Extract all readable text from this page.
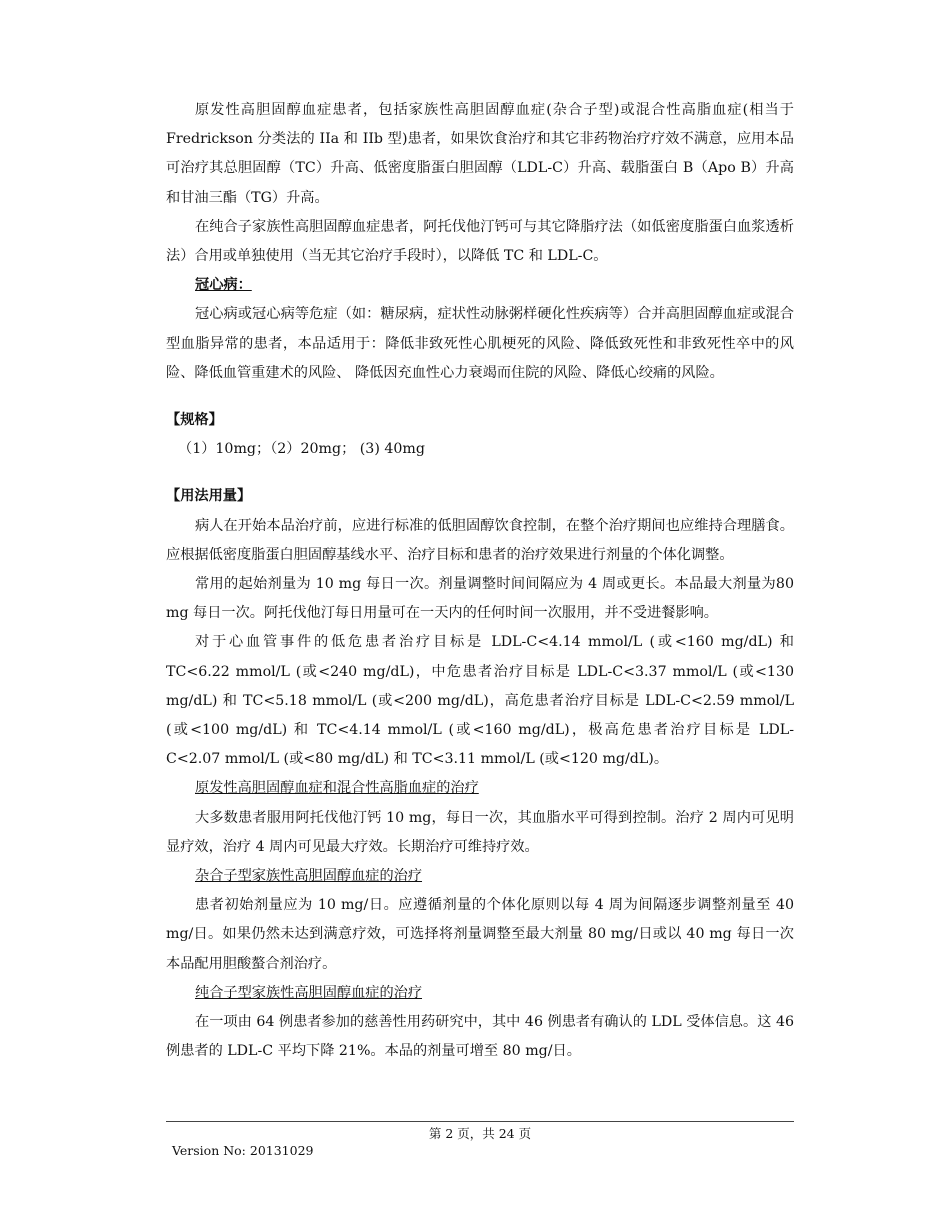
原发性高胆固醇血症患者，包括家族性高胆固醇血症(杂合子型)或混合性高脂血症(相当于Fredrickson 分类法的 IIa 和 IIb 型)患者，如果饮食治疗和其它非药物治疗疗效不满意，应用本品可治疗其总胆固醇（TC）升高、低密度脂蛋白胆固醇（LDL-C）升高、载脂蛋白 B（Apo B）升高和甘油三酯（TG）升高。

在纯合子家族性高胆固醇血症患者，阿托伐他汀钙可与其它降脂疗法（如低密度脂蛋白血浆透析法）合用或单独使用（当无其它治疗手段时），以降低 TC 和 LDL-C。

冠心病：

冠心病或冠心病等危症（如：糖尿病，症状性动脉粥样硬化性疾病等）合并高胆固醇血症或混合型血脂异常的患者，本品适用于：降低非致死性心肌梗死的风险、降低致死性和非致死性卒中的风险、降低血管重建术的风险、 降低因充血性心力衰竭而住院的风险、降低心绞痛的风险。

【规格】

（1）10mg；（2）20mg； (3) 40mg

【用法用量】

病人在开始本品治疗前，应进行标准的低胆固醇饮食控制，在整个治疗期间也应维持合理膳食。应根据低密度脂蛋白胆固醇基线水平、治疗目标和患者的治疗效果进行剂量的个体化调整。

常用的起始剂量为 10 mg 每日一次。剂量调整时间间隔应为 4 周或更长。本品最大剂量为80 mg 每日一次。阿托伐他汀每日用量可在一天内的任何时间一次服用，并不受进餐影响。

对于心血管事件的低危患者治疗目标是 LDL-C<4.14 mmol/L (或<160 mg/dL) 和 TC<6.22 mmol/L (或<240 mg/dL)，中危患者治疗目标是 LDL-C<3.37 mmol/L (或<130 mg/dL) 和 TC<5.18 mmol/L (或<200 mg/dL)，高危患者治疗目标是 LDL-C<2.59 mmol/L (或<100 mg/dL) 和 TC<4.14 mmol/L (或<160 mg/dL)，极高危患者治疗目标是 LDL-C<2.07 mmol/L (或<80 mg/dL) 和 TC<3.11 mmol/L (或<120 mg/dL)。

原发性高胆固醇血症和混合性高脂血症的治疗

大多数患者服用阿托伐他汀钙 10 mg，每日一次，其血脂水平可得到控制。治疗 2 周内可见明显疗效，治疗 4 周内可见最大疗效。长期治疗可维持疗效。

杂合子型家族性高胆固醇血症的治疗

患者初始剂量应为 10 mg/日。应遵循剂量的个体化原则以每 4 周为间隔逐步调整剂量至 40 mg/日。如果仍然未达到满意疗效，可选择将剂量调整至最大剂量 80 mg/日或以 40 mg 每日一次本品配用胆酸螯合剂治疗。

纯合子型家族性高胆固醇血症的治疗

在一项由 64 例患者参加的慈善性用药研究中，其中 46 例患者有确认的 LDL 受体信息。这 46 例患者的 LDL-C 平均下降 21%。本品的剂量可增至 80 mg/日。

第 2 页，共 24 页
Version No: 20131029
